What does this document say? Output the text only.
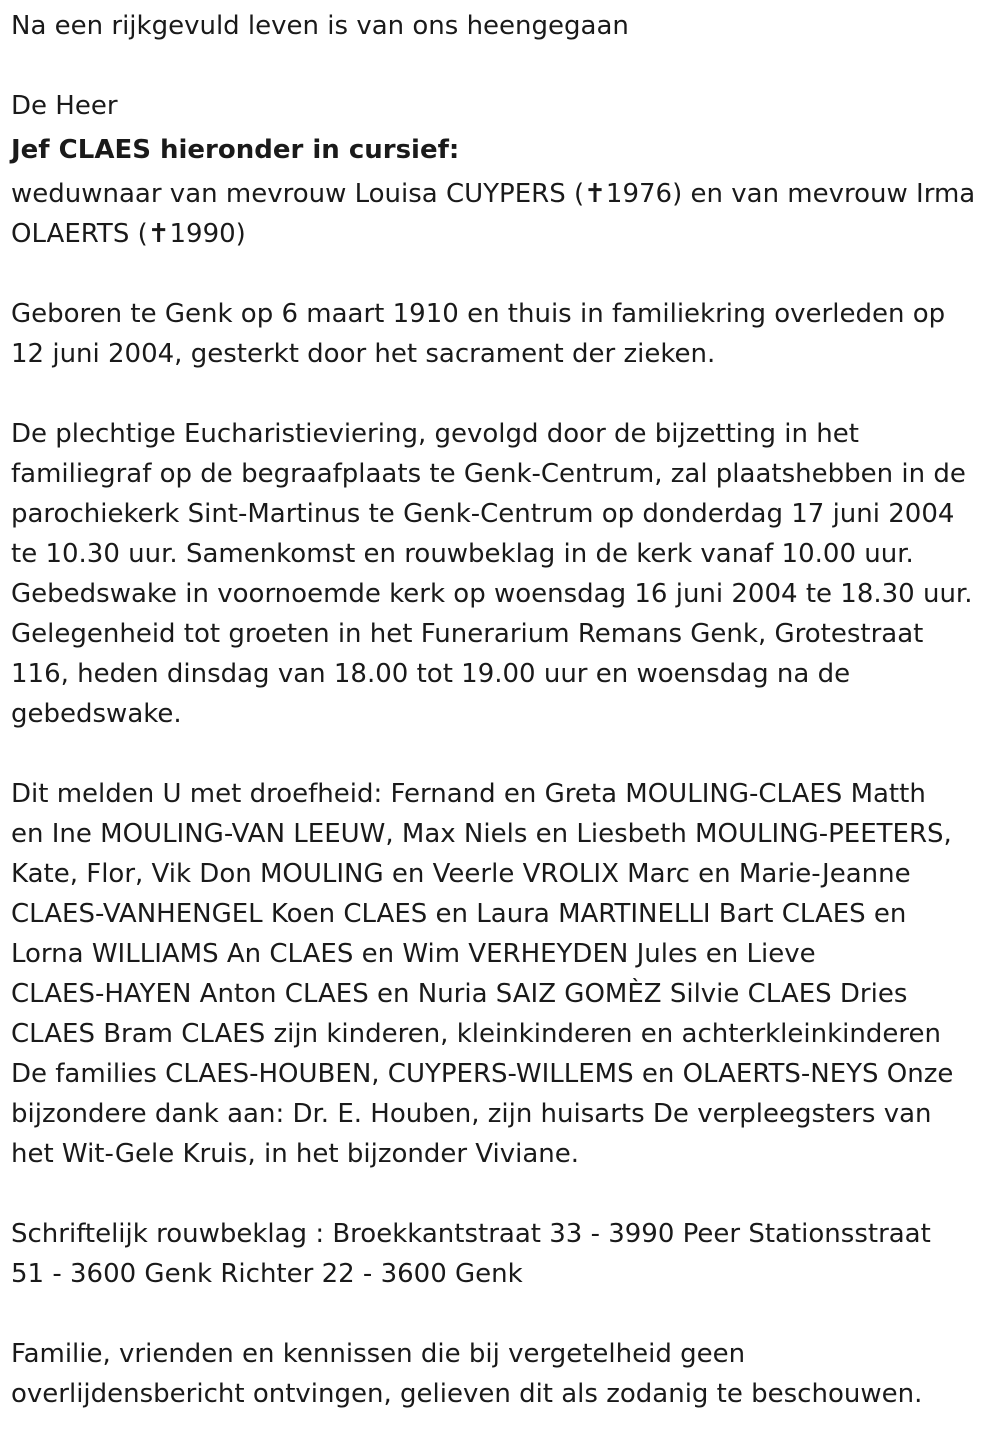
Na een rijkgevuld leven is van ons heengegaan
De Heer
Jef CLAES hieronder in cursief:
weduwnaar van mevrouw Louisa CUYPERS (✝1976) en van mevrouw Irma
OLAERTS (✝1990)
Geboren te Genk op 6 maart 1910 en thuis in familiekring overleden op
12 juni 2004, gesterkt door het sacrament der zieken.
De plechtige Eucharistieviering, gevolgd door de bijzetting in het
familiegraf op de begraafplaats te Genk-Centrum, zal plaatshebben in de
parochiekerk Sint-Martinus te Genk-Centrum op donderdag 17 juni 2004
te 10.30 uur. Samenkomst en rouwbeklag in de kerk vanaf 10.00 uur.
Gebedswake in voornoemde kerk op woensdag 16 juni 2004 te 18.30 uur.
Gelegenheid tot groeten in het Funerarium Remans Genk, Grotestraat
116, heden dinsdag van 18.00 tot 19.00 uur en woensdag na de
gebedswake.
Dit melden U met droefheid: Fernand en Greta MOULING-CLAES Matth
en Ine MOULING-VAN LEEUW, Max Niels en Liesbeth MOULING-PEETERS,
Kate, Flor, Vik Don MOULING en Veerle VROLIX Marc en Marie-Jeanne
CLAES-VANHENGEL Koen CLAES en Laura MARTINELLI Bart CLAES en
Lorna WILLIAMS An CLAES en Wim VERHEYDEN Jules en Lieve
CLAES-HAYEN Anton CLAES en Nuria SAIZ GOMÈZ Silvie CLAES Dries
CLAES Bram CLAES zijn kinderen, kleinkinderen en achterkleinkinderen
De families CLAES-HOUBEN, CUYPERS-WILLEMS en OLAERTS-NEYS Onze
bijzondere dank aan: Dr. E. Houben, zijn huisarts De verpleegsters van
het Wit-Gele Kruis, in het bijzonder Viviane.
Schriftelijk rouwbeklag : Broekkantstraat 33 - 3990 Peer Stationsstraat
51 - 3600 Genk Richter 22 - 3600 Genk
Familie, vrienden en kennissen die bij vergetelheid geen
overlijdensbericht ontvingen, gelieven dit als zodanig te beschouwen.
